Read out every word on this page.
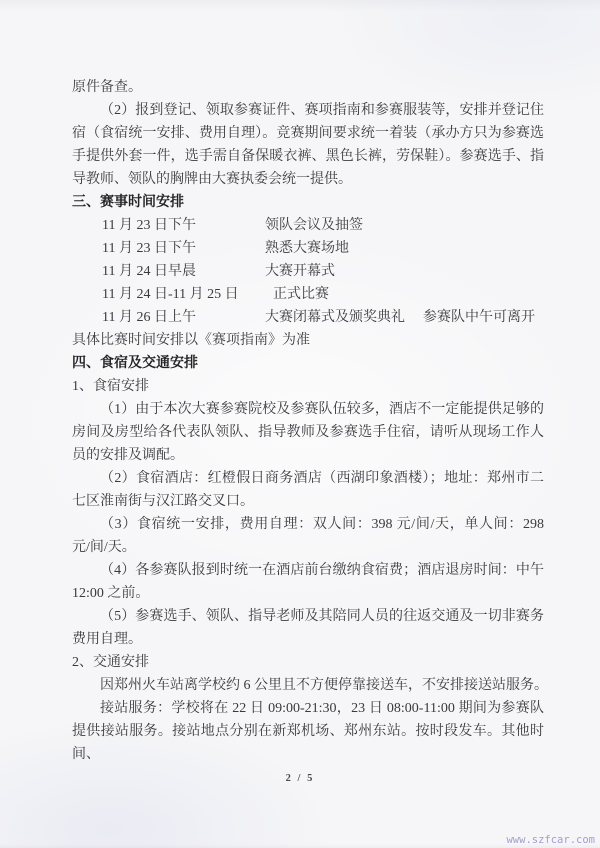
原件备查。

（2）报到登记、领取参赛证件、赛项指南和参赛服装等，安排并登记住宿（食宿统一安排、费用自理）。竞赛期间要求统一着装（承办方只为参赛选手提供外套一件，选手需自备保暖衣裤、黑色长裤，劳保鞋）。参赛选手、指导教师、领队的胸牌由大赛执委会统一提供。

三、赛事时间安排

11 月 23 日下午	领队会议及抽签
11 月 23 日下午	熟悉大赛场地
11 月 24 日早晨	大赛开幕式
11 月 24 日-11 月 25 日	正式比赛
11 月 26 日上午	大赛闭幕式及颁奖典礼 参赛队中午可离开

具体比赛时间安排以《赛项指南》为准

四、食宿及交通安排

1、食宿安排

（1）由于本次大赛参赛院校及参赛队伍较多，酒店不一定能提供足够的房间及房型给各代表队领队、指导教师及参赛选手住宿，请听从现场工作人员的安排及调配。

（2）食宿酒店：红橙假日商务酒店（西湖印象酒楼）；地址：郑州市二七区淮南街与汉江路交叉口。

（3）食宿统一安排，费用自理：双人间：398 元/间/天，单人间：298 元/间/天。

（4）各参赛队报到时统一在酒店前台缴纳食宿费；酒店退房时间：中午 12:00 之前。

（5）参赛选手、领队、指导老师及其陪同人员的往返交通及一切非赛务费用自理。

2、交通安排

因郑州火车站离学校约 6 公里且不方便停靠接送车，不安排接送站服务。

接站服务：学校将在 22 日 09:00-21:30，23 日 08:00-11:00 期间为参赛队提供接站服务。接站地点分别在新郑机场、郑州东站。按时段发车。其他时间、

2 / 5
www.szfcar.com
